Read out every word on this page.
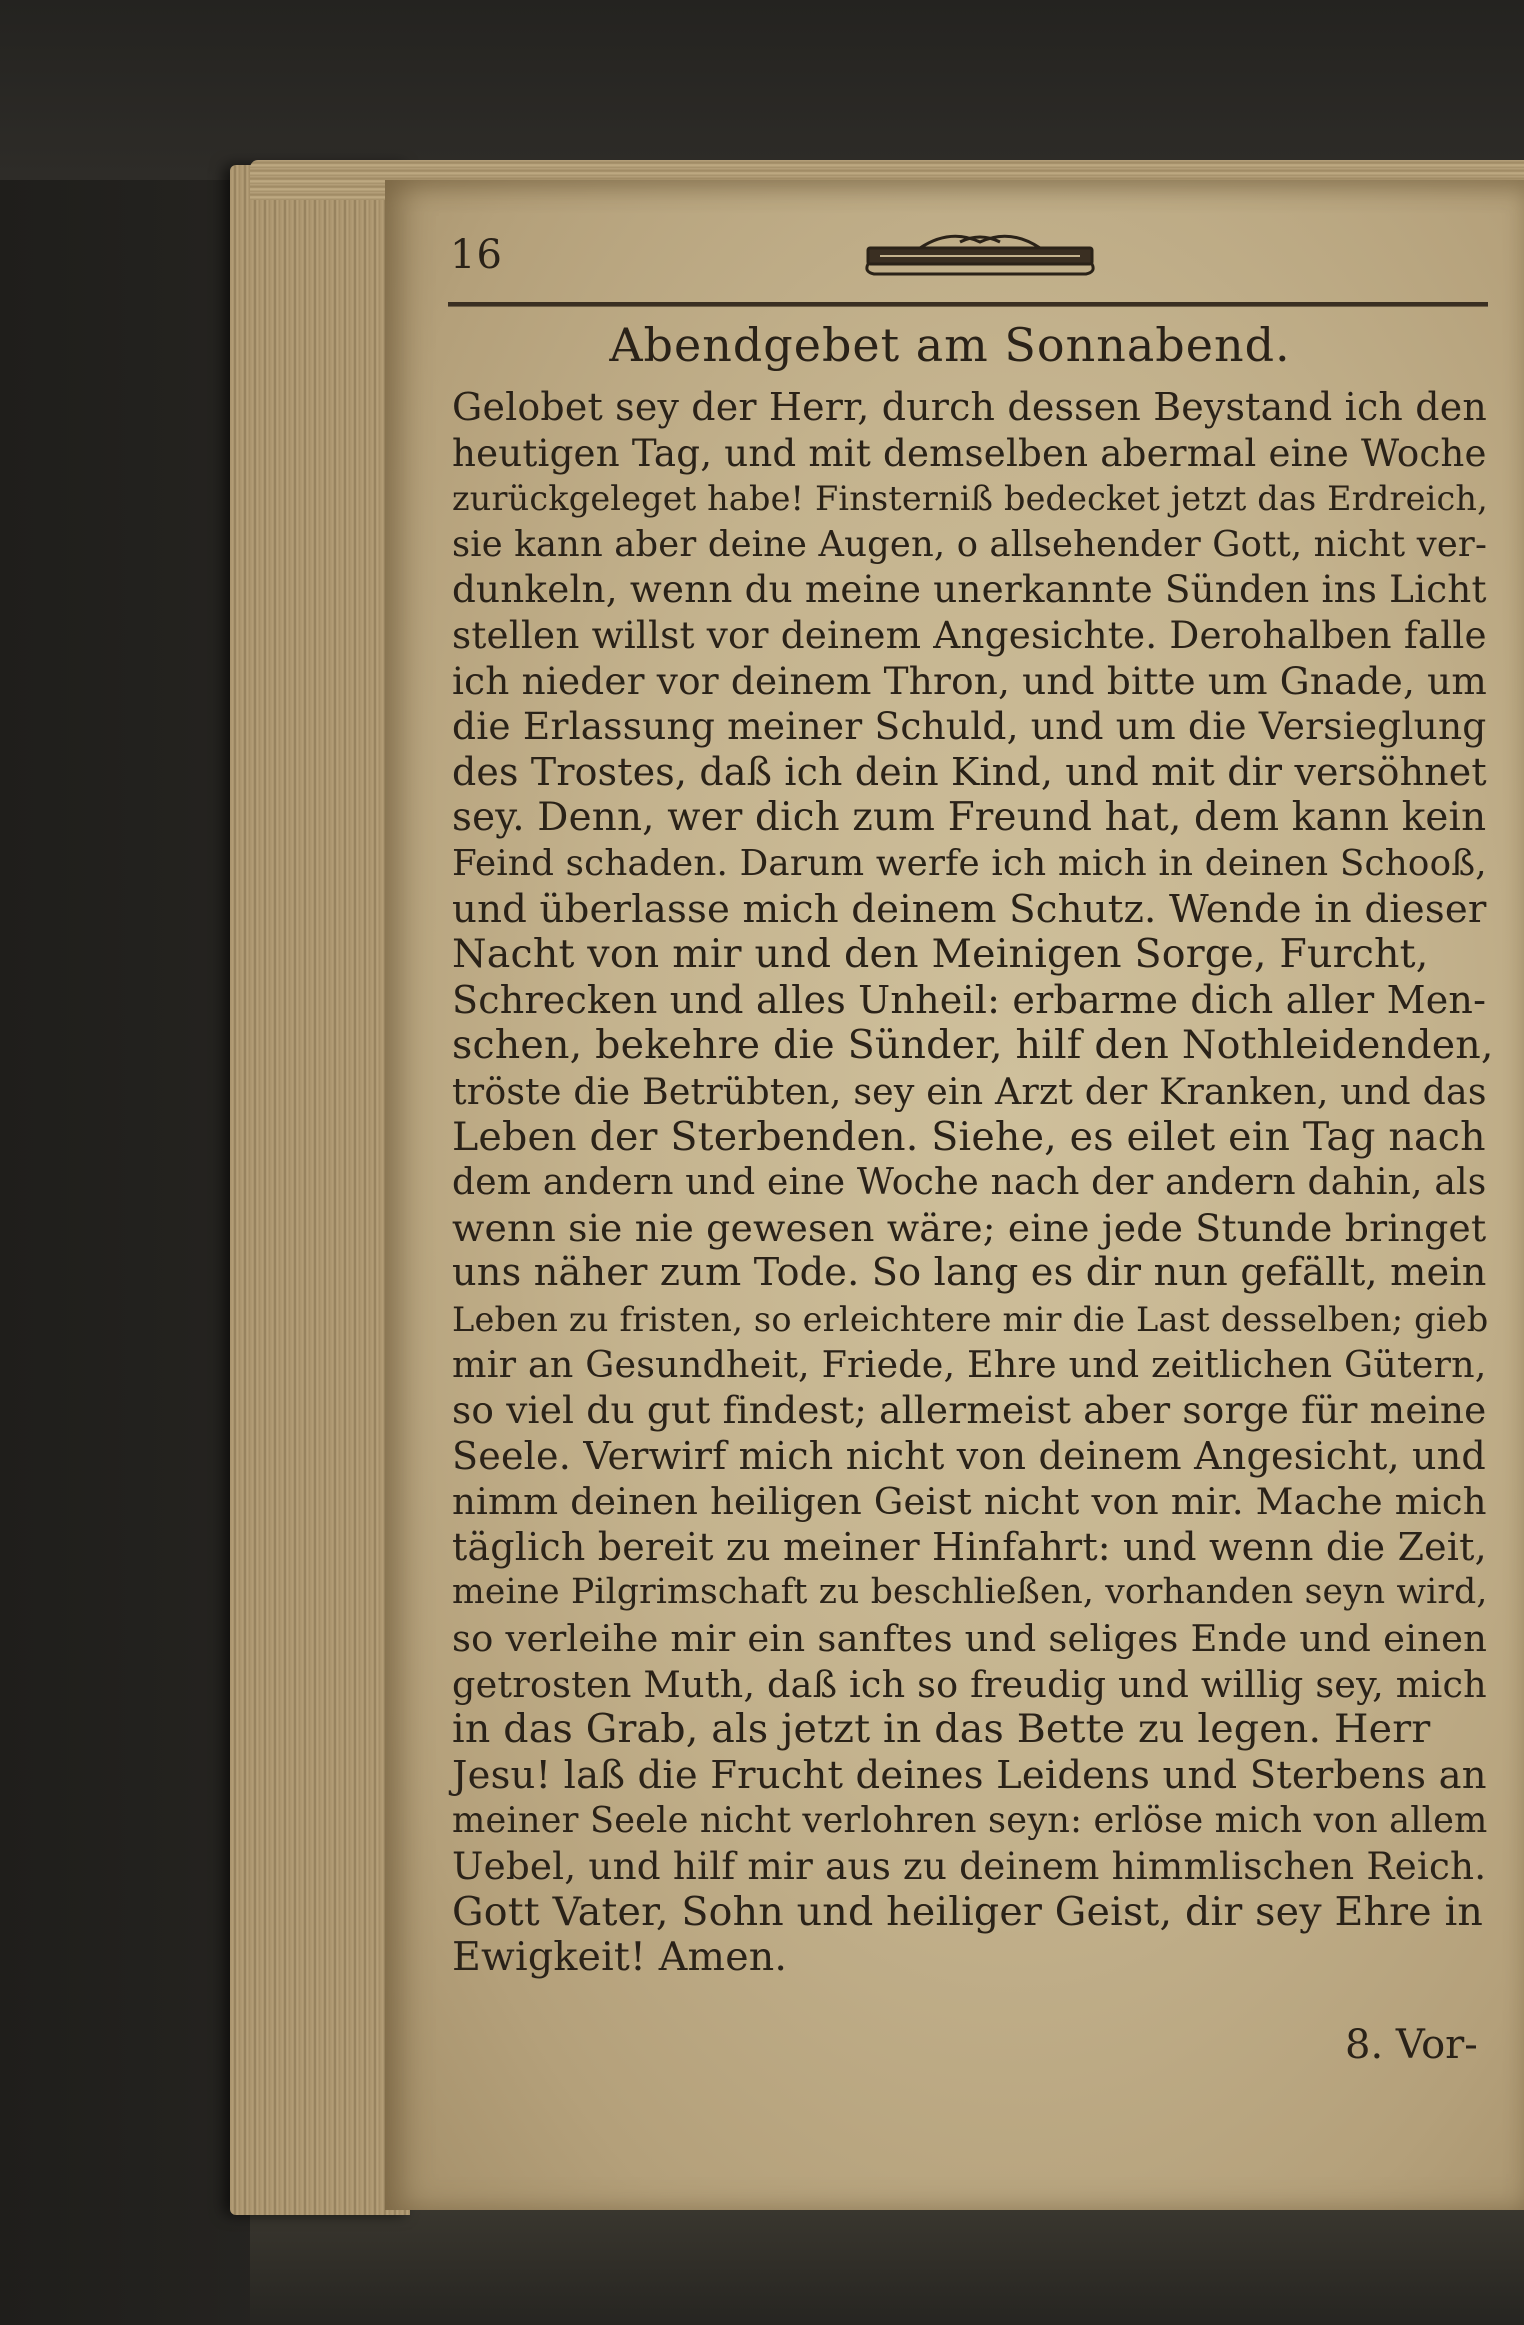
16
Abendgebet am Sonnabend.
Gelobet sey der Herr, durch dessen Beystand ich den
heutigen Tag, und mit demselben abermal eine Woche
zurückgeleget habe! Finsterniß bedecket jetzt das Erdreich,
sie kann aber deine Augen, o allsehender Gott, nicht ver-
dunkeln, wenn du meine unerkannte Sünden ins Licht
stellen willst vor deinem Angesichte. Derohalben falle
ich nieder vor deinem Thron, und bitte um Gnade, um
die Erlassung meiner Schuld, und um die Versieglung
des Trostes, daß ich dein Kind, und mit dir versöhnet
sey. Denn, wer dich zum Freund hat, dem kann kein
Feind schaden. Darum werfe ich mich in deinen Schooß,
und überlasse mich deinem Schutz. Wende in dieser
Nacht von mir und den Meinigen Sorge, Furcht,
Schrecken und alles Unheil: erbarme dich aller Men-
schen, bekehre die Sünder, hilf den Nothleidenden,
tröste die Betrübten, sey ein Arzt der Kranken, und das
Leben der Sterbenden. Siehe, es eilet ein Tag nach
dem andern und eine Woche nach der andern dahin, als
wenn sie nie gewesen wäre; eine jede Stunde bringet
uns näher zum Tode. So lang es dir nun gefällt, mein
Leben zu fristen, so erleichtere mir die Last desselben; gieb
mir an Gesundheit, Friede, Ehre und zeitlichen Gütern,
so viel du gut findest; allermeist aber sorge für meine
Seele. Verwirf mich nicht von deinem Angesicht, und
nimm deinen heiligen Geist nicht von mir. Mache mich
täglich bereit zu meiner Hinfahrt: und wenn die Zeit,
meine Pilgrimschaft zu beschließen, vorhanden seyn wird,
so verleihe mir ein sanftes und seliges Ende und einen
getrosten Muth, daß ich so freudig und willig sey, mich
in das Grab, als jetzt in das Bette zu legen. Herr
Jesu! laß die Frucht deines Leidens und Sterbens an
meiner Seele nicht verlohren seyn: erlöse mich von allem
Uebel, und hilf mir aus zu deinem himmlischen Reich.
Gott Vater, Sohn und heiliger Geist, dir sey Ehre in
Ewigkeit! Amen.
8. Vor-
